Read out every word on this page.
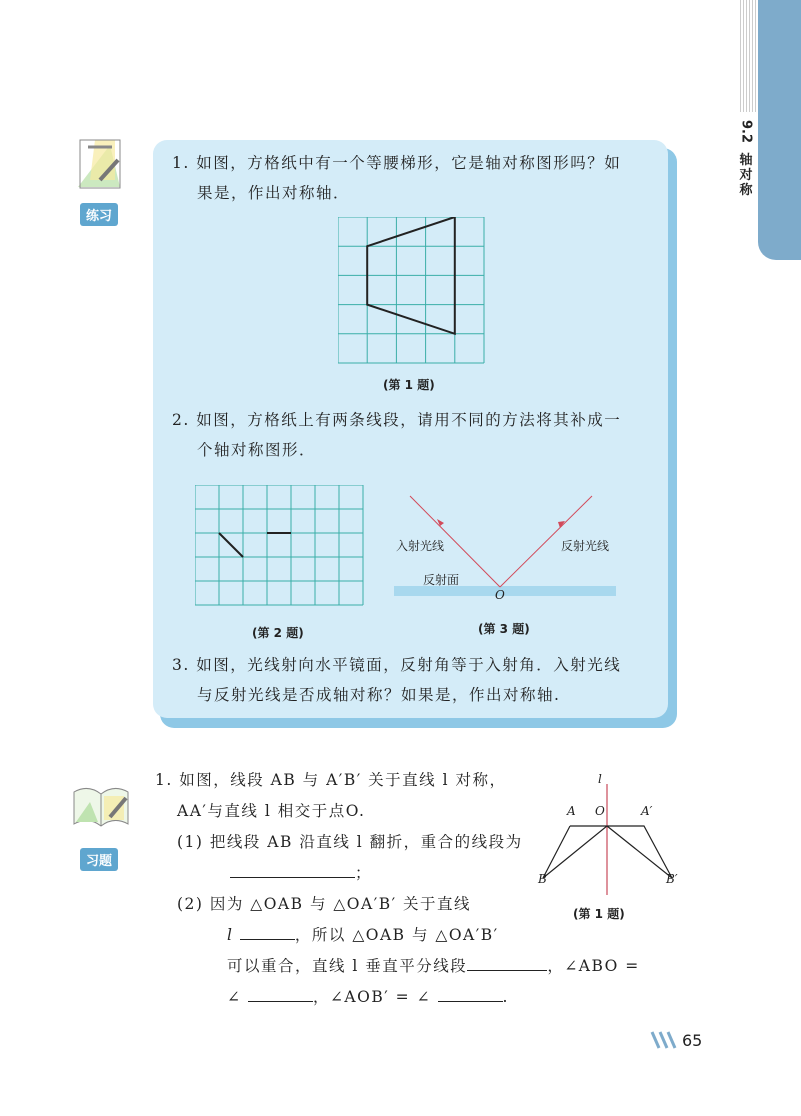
9.2
轴对称
练习
1. 如图，方格纸中有一个等腰梯形，它是轴对称图形吗？如
果是，作出对称轴．
(第 1 题)
2. 如图，方格纸上有两条线段，请用不同的方法将其补成一
个轴对称图形．
(第 2 题)
入射光线	反射光线
反射面
O
(第 3 题)
3. 如图，光线射向水平镜面，反射角等于入射角．入射光线
与反射光线是否成轴对称？如果是，作出对称轴.
习题
1. 如图，线段 AB 与 A′B′ 关于直线 l 对称，
AA′与直线 l 相交于点O.
(1) 把线段 AB 沿直线 l 翻折，重合的线段为
；
(2) 因为 △OAB 与 △OA′B′ 关于直线
l	，所以 △OAB 与 △OA′B′
可以重合，直线 l 垂直平分线段	，∠ABO =
∠	，∠AOB′ = ∠	.
l
A O	A′
B	B′
(第 1 题)
65
